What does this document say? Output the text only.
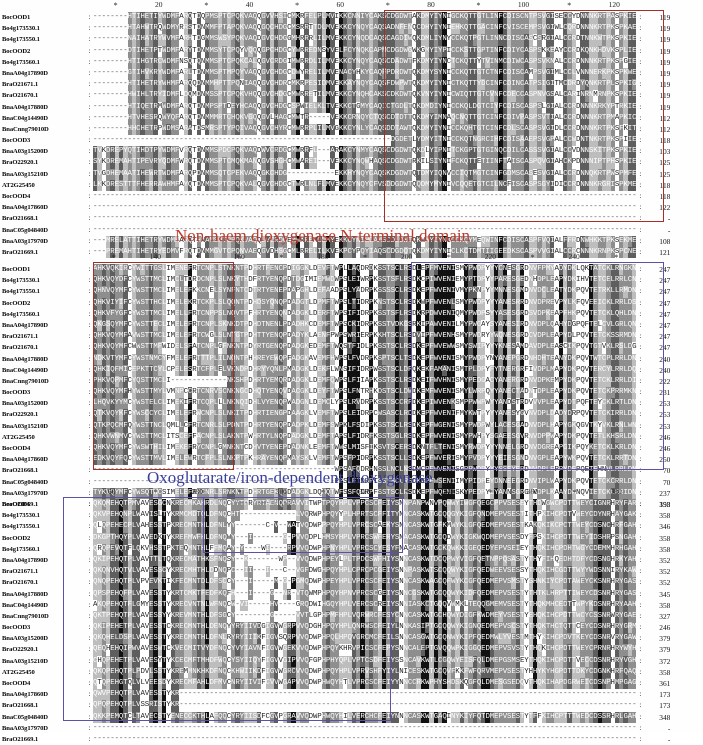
*	20	*	40	*	60	*	80	*	100	*	120
BocOOD1	: --------HTIHETIYWDMFARQTDQPMSPTCPQKVAQQGVVHSICMKRFELPLMVIKKCNNIYCAKSCDGDWTAKDMYIYNIGCKQTTGTLINFCDISCNTPSVGISECCYDNNNKRTPASPKIE : 119
Bo4g173530.1	: --------HTAHWTRQWDMYRRSTDNMMFPTAPQKVAQQGQCHDGCMSRRTTDLMVEKKCYNQYCAQSADNFENQCDHYIYNIEHKQTTGACINFCVISCEMPSVGIWLCQRDNNNKRTPKSPKAE : 119
Bo4g173550.1	: --------NAIHATRYWVMFARHTDGMMSWSYPQKVAQDGVCHDGGMHRRRLILMVEKKCYNQDCAQSCAGDIWQKDMLIYNYCCKQTPGTLINNCDISCASCSRGIALCCRDTNNKWTPKSPKIE : 119
BocOOD2	: --------DTIHETPTWDMFARYTDNMMSYTCPQYVQQQGPCHDGCYWRREDNSYVELFCYNQKCAPMCDGDWGWKGMYIYPICCKSTTGPTINFCDIYCASPSKKEAYCCRDKQNKHDVKSPLIE : 119
Bo4g173560.1	: --------HTIHGTRCWDMFNSQTQNMMSPTCPQKCALQGVCRDGIMWRRDLILMVEKKCYNQYCAQSCDADWTFKDMYIYNCTCKQTTYTVINMCDIWCASPSVKNALCCRDNNNKRTPKSPGIE : 119
BnaA04g17890D	: --------GTIHVKRYWDMFARLTDNMMSPTMPQYVAQQGVCHDGCDWYRELILMVENACYHKYCAQFPDRDWTQKDMYSYNICCKQTTGTCTNFCDISCAMPSVGIMLCCLVNNNERKPKSPKWE : 119
BraO21671.1	: --------HTIHETRYWHMFARQQDNMMHPTTPQNIAQQGVCHDRCMKRPESIDMVEKKAYNQYCAQSFDWPWTQKDMYIYNICTKQTTYDCINFCDINCATPSIGITMCDRDYQNKRTPLSPKIG : 119
BraO21670.1	: --------HWIHLTRYIDMFLDQMDNMSSPTCPQKVHQQGVCHDGCMWRRETILMVEKKCYNQHCAKSCDKDWTQKVNYIYNICWIQTTGTCVNFCDECCASPNVGSALCARINRNMRNPKSPKIE : 119
BnaA04g17880D	: --------HTIQETRMWDMFARQTDNMPSPTDEYHCAQQGVCHDGCSPWIELKLTVEKKCTGMYCAQICTGDLTQKDMDIYNICCKQLDGTCIYFCDISCASPSLGIALCCRDNNNKRKYPTRKIE : 119
BnaC04g14490D	: --------HTVHESRQWYQFARQTDNMMMRTCHQKVGQQGVLHAGCMWTR-----VEKKCRNQYCTQSCDTDTTQKDMYIMNAQCNQTTGTCINFCDIVPASPSVTIALCCRDNNNKRTPMAPKIC : 112
BnaCnng79010D	: --------HHCHETRPWDMSARATDSMRSPTYPQIVAQQGVCHYRCMWRRPLILMVGKKCYNLYCAQSDDTAWTQKDMYIYNICCKQHTGTCINFCDLSCASPSVGIDLCCRDNNNKRTPKSFKIT : 112
BocOOD3	: ---------------------------------------------------------------------DGDETLYDMYITNICCKQTNGRCIHFCDISAAEPSVGPALCCWDNTNKRTPKSPIIE : 118
BnaA03g15200D	: TVKDREPYQTIHDTPYWDMFVRQTDNMMSPDCPQKVAQDWVCRDGCMWRRFL---ARAKCYNMYCAQSCDGDWTQKDLYIPNITCKGPTGTGINQCDILCASSSVGIALCCVDNNSKITPKSPKIE : 103
BraO22920.1	: SYKDREMAHTIPEVRYQDMFWRQTDNMMSPTCMQKMANQGVSHGHCMWAREI---VEKKCYNQWHAQSCDGDWTRKILSIYNIFCKQTTETIINFTAISCASPQVGIAHCKPDNNNIPTPHSPKIE : 125
BnaA03g15210D	: TVGDHEMAATIHEWRTWDMFARQPDNMMSQTCPEKVAQQGKCHDG-----------EKKHYNQYCAQSKDGDWTQTDMYIQNVCCIQTMGTCINFGDMSCASESVGIALCCRDNNQKRTPWSPMFE : 125
AT2G25450	: LKKDRESTTTFHERRAWHMFAYQTDNMMSPTCPQKVALQGVCHDGCTWRLNLFLMVEKKCYNQYCFVSDDGDWTQQDMYMYNIVCQQETGTCILNCFISCASPSGYIDICCRDNNNKRGRISPKME : 118
BocOOD4	: ------------------------------------------------------------------------------------------------------------------------------ : 118
BnaA04g17860D	: ------------------------------------------------------------------------------------------------------------------------------ : 122
BraO21668.1	: ------------------------------------------------------------------------------------------------------------------------------ :	-
BnaC05g04840D	: ------------------------------------------------------------------------------------------------------------------------------ :	-
BnaA03g17970D	: ---MRELATTIHETRYWDMKARQTHNAMSPTCPQKVAQQLVCRDGEMWRREMGLMYEKKCYNIWCAMSCDLDWTQKWMYIYNICCKQYMEQWINFCDISCASPFVQIALFFRDNWHKKTPKSEKME : 108
BraO21669.1	: ---PREMAHTIHETRYEDMVFRQTDNMMGVTCPQNVAEQGVDHSGCMLRRELILKVEKPCYPQYIAQSCDGDQTQKDMYIYNICLKCTDMTIIGEEDKSCASPVVGIALCCRCNNNKRNPKSPCNE : 121
Non-haem dioxygenase N-terminal domain
*	140	*	160	*	180	*	200	*	220	*	240	*
BocOOD1	: AHKVQKIRCYWITTGSLIMENEFRTCNPLSTNKNTPDHRTFENCPDIGGKLDEVFTWPLLAQDRDKSSTSCLRSDLEPFMVENISMYPWDPYYYCNESGRDNVFPMYADYDKLQKTATCKLRNGKN : 247
Bo4g173530.1	: QHKVQYDFCYWSTTMCLIMCLTDRDCNPLSLNKYTHDFRTYENQPDTDGIMIEMWDWPSLEIWRPKSSTSFLRSDKCPIWVENIEMYPTDPYYPARESGEDNHDPLEAPYDKIHVTETCELRRLCN : 247
Bo4g173550.1	: QHNVQYMFCYWSTTMCLIMELEFKKCNELSYNFNTCDTRTYENEPDAPGHLDEFAADPSLYADRPKSSSSCLRSDKEPFWVENIVMYPKNPYYMNNESGMDNVDCLEATYDKPQVTETRKLLRMDN : 247
BocOOD2	: QHKVIYIFCYWSTTHCLIMELEKRTCKPLSLQQNTPDHDSYQNQPDADGTLDPMFTWPSLTIDRPKNSTSCLRSDKWPFWVENLSMYPWDPYYYANESRRDNVDPREVPYLKFQVEEICKLRRLDS : 247
Bo4g173560.1	: QHKVFYGFCYWSTTMCLIMELLFRTCNPPSLNQVTPFHRTYENQNDADGKLDERFTWPSIFIDRPKSSTSFLRSDKRPDWVENIQMYPWDPSYYASESGRDSVDPKEAPFHKPQVTETCKLQHLDN : 247
BnaA04g17890D	: QKGSQYMFCYWSTTECLIMELEFRTCNPLSKNKDTPDHDTNENLPDADHKCDEMFTWPSCKIDRPKSSTVDKGSRKIPAWVENILMYPWGAYSYANESIRDNVDPLQAHYDGPQFTELCVLGRLQN : 247
BraO21671.1	: QHKVQYMFAVWSTTMCLIMELEFRTCWGLSLNTGTPDHTTYENQPDADYKLAENFPWPSWRIERPKKHTSCLRSDVIPFWVENHSMYPWDRYYWQNESGRDCVDPLEAPYDLPQVTETCKSSRMDN : 247
BraO21670.1	: QHKVQYMFCWWSTTMFWIDELSFATCNPLGFNKNTPDYRTGENQPDADGKEDEMFTWQSTFIDLPKSSTSCLRSDKEPFWVEWWSMYSWIPYYYKNESAMDAVDPLEASCIKPQVTGTVKLRSLDG : 247
BnaA04g17880D	: NDKVTYMFCYWSTNMCYFMELEFRTTTPLILNQNTPHHREYEWQPFADGKAVEMFHWPSLFVDRPKSPTSCLTSDKEPFWVENISMYPWDPYNYANEPGRDNHDHTEANYDKPQVTWTCPLRRLDN : 240
BnaC04g14490D	: QHKIQFMICEPKTTCYLCPELESRTCFPLELVKNDPDHRYYQNLPMADGKLDEKFLWNSIFIDRPWSSTSCLDFQKEKFAMANISMTPLDPYFYTNERGRFIVDPLMAPYDKPQVTERCYLRRLDQ : 240
BnaCnng79010D	: PHKVQPMFCYQSTTMCLI-------------NKSHPDHRTYEMQRDADGKLDEMFQWPSLFIIAPKSSTSCLRSDKEIFWVHNISMYPEDGACYANERGRDNVDPKEMPYDKPQVTETCKLRRLDI : 222
BocOOD3	: QHKVQYMFHYWSTTMYLVMNPCCRTCNRVSCNKNGCDHQTYENQVDACGKLDEYFTWPSLFNTRHKDSTSCLDWDKEMFWVENISMYLWRPQYYANECTADNTDPLEAPYDKPQVTETCKPRRMKN : 231
BnaA03g15200D	: LHQVKYYMCYWSTELCLIMEKIFRTCQPLLLNKNQIDHLVYENQPWADGNLDEMCLYPSLRVDRPKSSTSCCRFDKEPIWVENKSMPPWWPWYYANDSTRDVVVPLEAPYDTPQFTEYCKLRTLDN : 253
BraO22920.1	: QTKVQYKFCYWSCCYCLIMELEFRWCNPLSLNKITPDHRTIENGPDAAGKLVEMFTWPSLEIDRPCWSASCLRDDKEPFWVENIFMYKWTPYYYANESYGVNVDPLDADYDRPQVTETCKIRRLDN : 253
BnaA03g15210D	: QTKPQCMFQYWSTTNCLQMLLCFRTCNRLSLPDNTPDHRTYENQPDADPKLDEMFSWPKLFSDIPKSSTSCLRSDKEPFWGENISMYPWDPWYLACESGADNVDPLHAPYGKQGVTKYVKLRNLWN : 253
AT2G25450	: QHKVWNMVCYWSTTMCLITSCEFFACNPLSLAKNTPWHRTYLNQPDADGKLDEMFTAPSLFIDRFKSSTSGLRSDKEPFWVENISMYPWHPYSGAEESGVRNVDPPWAPYDKPQVTETLKHSRLDN : 246
BocOOD4	: QHKVQYMFCYWSWTHILIMEKEFRYCNPLGMNKNTCDHVTYENEPDADNKLEEMFTWWSLMISFIKSVTSCERSDKNTFLTENISMYRWDPYYYNNELGRDNVDGREAPGIKPQYKETCKLKRLDN : 246
BnaA04g17860D	: EDKVQYFQCYWSTTMVLIMELEWRTCFPLSLNKPTPKHRAYENQPMAYSKLVEMFTWPSFPIDRPKSSTSCLLSDKEPFWVERISMYPVDPYYYEIESGNDNVGPLEAPYWKPQVTETCKLRRTDN : 250
BraO21668.1	: --------------------------------------------------------WPSAFQDRHNSSLNCLNSDMCPFWVENISGPPWDRYYYSSEYERDNVDPLEPPYDEPQETEHNVLRRLDN :	70
BnaC05g04840D	: --------------------------------------------------------PPSLFIDRPTSSTSCLRSDKEPFWSENIIMYPIDPEYDNNEEGRDNVIPLWAPYDKPQVTETCKCRRLDN :	70
BnaA03g17970D	: TYKVQYMFCYWSQTWCSIMELEFRKCNRLSRNKNTPDHRTGEHQPDADGKLDQMQTWFSSFQDRPFSSTSCLRSDKEPFWQENISKYPEDPYLYANNSGRGNVDPLKAAYDANQVIETCKLRRIDN : 237
BraO21669.1	:	YTPR RTAENQP A	: 193
Oxoglutarate/iron-dependent dioxygenase
60	*	280	*	300	*	320	*	340	*	360	*	380
BocOOD1	: QKQMEHQTPMVAVESGCNKRECMKAHRDLNQCY----Y-------R-VVITWPTPQYHPLVPPCSCFEIYSNNPANPWNVPQWWYIWGFQEGCPPVSESEYTHDWGWCPDTTWEYCIGNRHRYFAR : 358
Bo4g173530.1	: QKVPEHQNPLWAVISLTYKRMCMDTQLDFNQCHT-------------LVQRWPHPQYYPLHPRTSCFFITYNNCASKWTGCQQGYKIGFQNDMEPVSESTITHPKIHCPDTVWEYCDYNRHAYGAK : 358
Bo4g173550.1	: QLQPEHECPLVAHESSTPKRECMNTHLDFNLYY-------C-V--WATVQDWPPPQYHPLVPRCSCAEKYSNNCASKWTGFKMWYKLGFQEDMEPVSESTKAKQKIKCPCTTWEYCDSNCHRFGAH : 346
BocOOD2	: DKGPTHQYPLVAVEDKTYKREFMWFHLDFNQWY---I-------G-PVVQDPLHMSYHPLVPRCSWFERYSNACASKWTGCQDWYKIGKWQDMEPVSESDYFPSKIHCPDTTWEYIDSHRPSNGAH : 358
Bo4g173560.1	: QRQPEVQTFLQKVHSSTPKTEQMNTHLFFMQAY-Y----WI----RPVVQDWPHPNYHPLVPRCSCYESYFNACASKWTGCKQWKKIGEQEDYEPVSEIEYTHQKIHCPDHTWGYCDEMMHRHGAH : 358
BnaA04g17890D	: QKIPEHQTPLVAVTTLTQKRECMATHKSFNQSY--K-------WP--VVQDWPHPEYLPLTPDCSWFHIYSNNCASKWTDCQPWYVIGFQETNPPQSASTYTHYFIHQEDHTDFYCDSNGHRKYAH : 352
BraO21671.1	: QKQNVHQTVLVAVESSCYKRECMHTHLDDNQPC--II---I---C--VGFDWGHPQYHPLCPRCPCGEIYSNNPASKWTSCQQWYKIGFQEDWEEVSESSYTHQKIHCGDTTWYYWDSNNIRYKAW : 352
BraO21670.1	: QNQPEHQTPLVPVEVKTIKFECMNTDLDFSCCY---I-----M-G-PGMQDWPHPEYHPLVPRCSCFEIYSNNCASKWAGCQFWYKCGFQEDMEPVSMSTYSHNKIYCPDTAWEYCKSNRHRYGAS : 352
BnaA04g17880D	: QPSPEHQFPLVAVESSTYKRTCMKTFEDFKQFH---I----G--NR-VTQWMPHPQYHPNVPRCSCGEIYSNNCGSKWTGCQQWYKIDFQEDMEPVSESTYTHTKLHRPTTIWEYCDSNRHRYGAS : 345
BnaC04g14490D	: AKQPEHQTFLGMYESSTYKRECVNTNLWFNQCW-VI-----HV----GRQDWIHGQYHPLVERCSCREIYSNNIASKCTGQQVWMKLTEQQGMEMVSESTYTHQKMHCEDTTWPYKDSNRHRYAAH : 358
BnaCnng79010D	: QKTPEHQTPLVAVESSYYKREVMNTHLDFSGCY--------G-----VVTLGPHPMFHPLVQRWRCFESYCNNCASKWTGCHQWYDIGFKWDMEYVSESTYEHQKIHCPDTTWCYCSSNRWRYGAE : 327
BocOOD3	: QKIPEHETPLVAVESSTCKRECMNTHLDENQYYRYIIVDGIGVWGRPVVQDGHHPQYHPLQNRWSCFEIYLNNKASIPTGCQQWYKIGNQEDMEPVSCSTYTHQKTHCTQTTCEYCDSNRHRYGRM : 246
BnaA03g15200D	: QKQHELDSPLVAVESSTYKRECMNTHLDFNLRYRYIIIKFIGVSQRPVVQDWPHPQLHPQVGRCMCFEILSNNCASGWTGCQNWYKIPFQEDMWLYVESTMTHYKIHCPDVTKEYCDSNRVRYGAW : 379
BraO22920.1	: QEQHEHQIPWVAVESWTCKVECMITVYDFNQCYVYIAVNFIGVWGEKVVQDWPHPQYKHRVPICSCFEPYSNNCALEPTGVQQWPKIGGQEDMEPVSVSTYTHQKIHCPDTTWEYCPRNRHRYWYH : 379
BnaA03g15210D	: CHQPEHETPLVAVESYTYKCECMFTMHDFWQCYSYIIQYFIGVVGIPVVQFGPHPHYQPLVPTCSDFEIYSSNCAVKWTLCGQWYEISFQLDMEPGSMSEYTHQKIHCPDTTVECCDSNRHRYVGH : 372
AT2G25450	: QKQPEHQTPLPDVLSSTYKREMMNKHKDFNQCKHWIIKDFIGVWGRCVVQDWPHPQYHPLVPRVSHFYIYLNICESKWTGCQVFKKFWFQRVMEPVSESTYHHYKYHGPDTTDKYCDGNKHRFQAQ : 358
BocOOD4	: QTQPEHGTQLVLVEESDYKRECMFAHLDFMVCNRYIIVIFCVVWGAPVVQDWPHWQYHTLVPRCSCFEIYYNNCCRKWPHYSHDSKQGFQLDMESGSEDQVTHQKIHAPDGRWEICDSNPHMPGAG : 361
BnaA04g17860D	: QWVPEHQTPLVAVESSTYKR---------------------------------------------------------------------------------------------------------- : 173
BraO21668.1	: QPQPEHQTPLVSSRISTYKR---------------------------------------------------------------------------------------------------------- : 173
BnaC05g04840D	: QKKPEMQTCLTAVECSTYENECCKTHLAFQQCYRYIISDFCGVPGRAVVQDWPHWQYHILVERCHCFEIYNNNCASKWTGAQINYKIYFQTDMEPVSESTYTFFKIHCPTTTWEDCDSSRHRLGAH : 348
BnaA03g17970D	: ------------------------------------------------------------------------------------------------------------------------------ :	-
BraO21669.1	: ------------------------------------------------------------------------------------------------------------------------------ :	-
